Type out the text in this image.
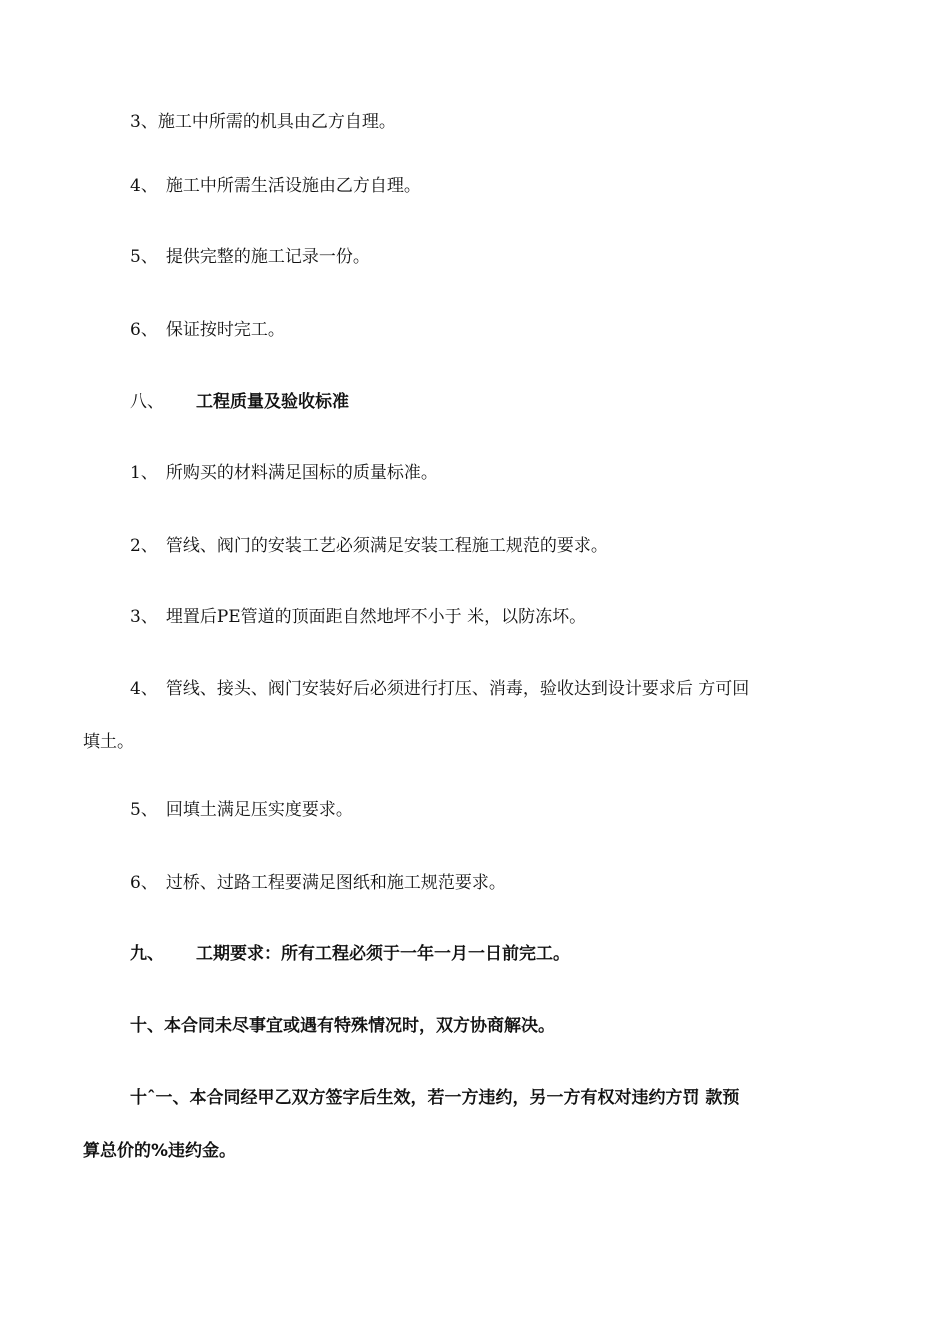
3、施工中所需的机具由乙方自理。
4、 施工中所需生活设施由乙方自理。
5、 提供完整的施工记录一份。
6、 保证按时完工。
八、 工程质量及验收标准
1、 所购买的材料满足国标的质量标准。
2、 管线、阀门的安装工艺必须满足安装工程施工规范的要求。
3、 埋置后PE管道的顶面距自然地坪不小于 米，以防冻坏。
4、 管线、接头、阀门安装好后必须进行打压、消毒，验收达到设计要求后 方可回
填土。
5、 回填土满足压实度要求。
6、 过桥、过路工程要满足图纸和施工规范要求。
九、 工期要求：所有工程必须于一年一月一日前完工。
十、本合同未尽事宜或遇有特殊情况时，双方协商解决。
十ˆ一、本合同经甲乙双方签字后生效，若一方违约，另一方有权对违约方罚 款预
算总价的%违约金。
